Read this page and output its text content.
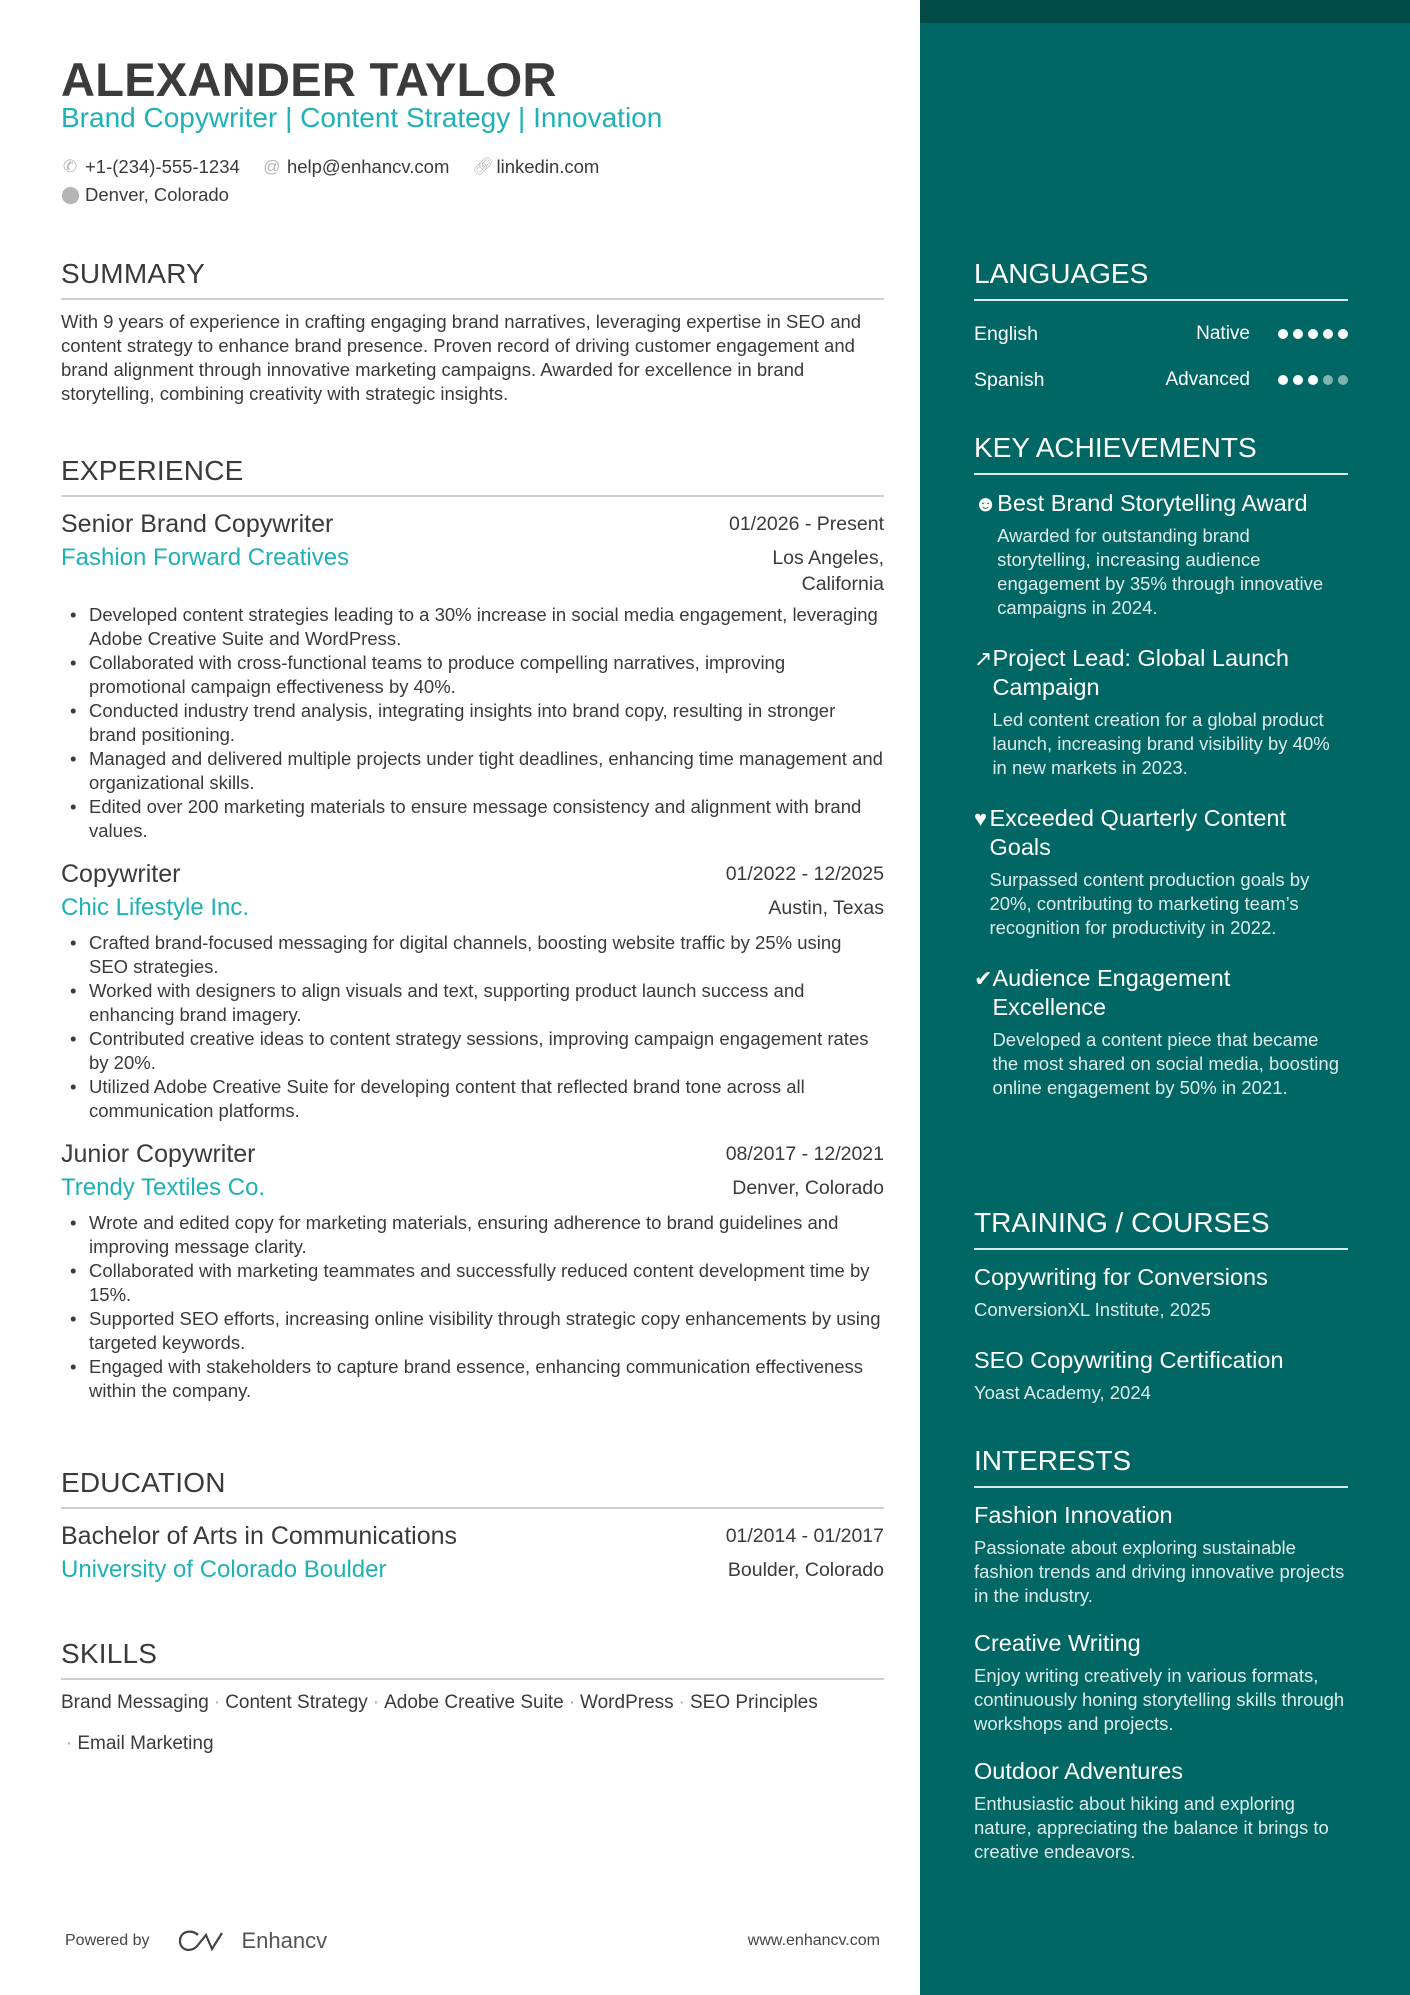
ALEXANDER TAYLOR
Brand Copywriter | Content Strategy | Innovation
✆ +1-(234)-555-1234
@ help@enhancv.com
🔗︎ linkedin.com
⬤ Denver, Colorado
SUMMARY
With 9 years of experience in crafting engaging brand narratives, leveraging expertise in SEO and content strategy to enhance brand presence. Proven record of driving customer engagement and brand alignment through innovative marketing campaigns. Awarded for excellence in brand storytelling, combining creativity with strategic insights.
EXPERIENCE
Senior Brand Copywriter	01/2026 - Present
Fashion Forward Creatives	Los Angeles, California
• Developed content strategies leading to a 30% increase in social media engagement, leveraging Adobe Creative Suite and WordPress.
• Collaborated with cross-functional teams to produce compelling narratives, improving promotional campaign effectiveness by 40%.
• Conducted industry trend analysis, integrating insights into brand copy, resulting in stronger brand positioning.
• Managed and delivered multiple projects under tight deadlines, enhancing time management and organizational skills.
• Edited over 200 marketing materials to ensure message consistency and alignment with brand values.
Copywriter	01/2022 - 12/2025
Chic Lifestyle Inc.	Austin, Texas
• Crafted brand-focused messaging for digital channels, boosting website traffic by 25% using SEO strategies.
• Worked with designers to align visuals and text, supporting product launch success and enhancing brand imagery.
• Contributed creative ideas to content strategy sessions, improving campaign engagement rates by 20%.
• Utilized Adobe Creative Suite for developing content that reflected brand tone across all communication platforms.
Junior Copywriter	08/2017 - 12/2021
Trendy Textiles Co.	Denver, Colorado
• Wrote and edited copy for marketing materials, ensuring adherence to brand guidelines and improving message clarity.
• Collaborated with marketing teammates and successfully reduced content development time by 15%.
• Supported SEO efforts, increasing online visibility through strategic copy enhancements by using targeted keywords.
• Engaged with stakeholders to capture brand essence, enhancing communication effectiveness within the company.
EDUCATION
Bachelor of Arts in Communications	01/2014 - 01/2017
University of Colorado Boulder	Boulder, Colorado
SKILLS
Brand Messaging · Content Strategy · Adobe Creative Suite · WordPress · SEO Principles
· Email Marketing
Powered by	Enhancv	www.enhancv.com
LANGUAGES
English	Native
Spanish	Advanced
KEY ACHIEVEMENTS
☻ Best Brand Storytelling Award
Awarded for outstanding brand storytelling, increasing audience engagement by 35% through innovative campaigns in 2024.
↗ Project Lead: Global Launch Campaign
Led content creation for a global product launch, increasing brand visibility by 40% in new markets in 2023.
♥ Exceeded Quarterly Content Goals
Surpassed content production goals by 20%, contributing to marketing team’s recognition for productivity in 2022.
✔ Audience Engagement Excellence
Developed a content piece that became the most shared on social media, boosting online engagement by 50% in 2021.
TRAINING / COURSES
Copywriting for Conversions
ConversionXL Institute, 2025
SEO Copywriting Certification
Yoast Academy, 2024
INTERESTS
Fashion Innovation
Passionate about exploring sustainable fashion trends and driving innovative projects in the industry.
Creative Writing
Enjoy writing creatively in various formats, continuously honing storytelling skills through workshops and projects.
Outdoor Adventures
Enthusiastic about hiking and exploring nature, appreciating the balance it brings to creative endeavors.
